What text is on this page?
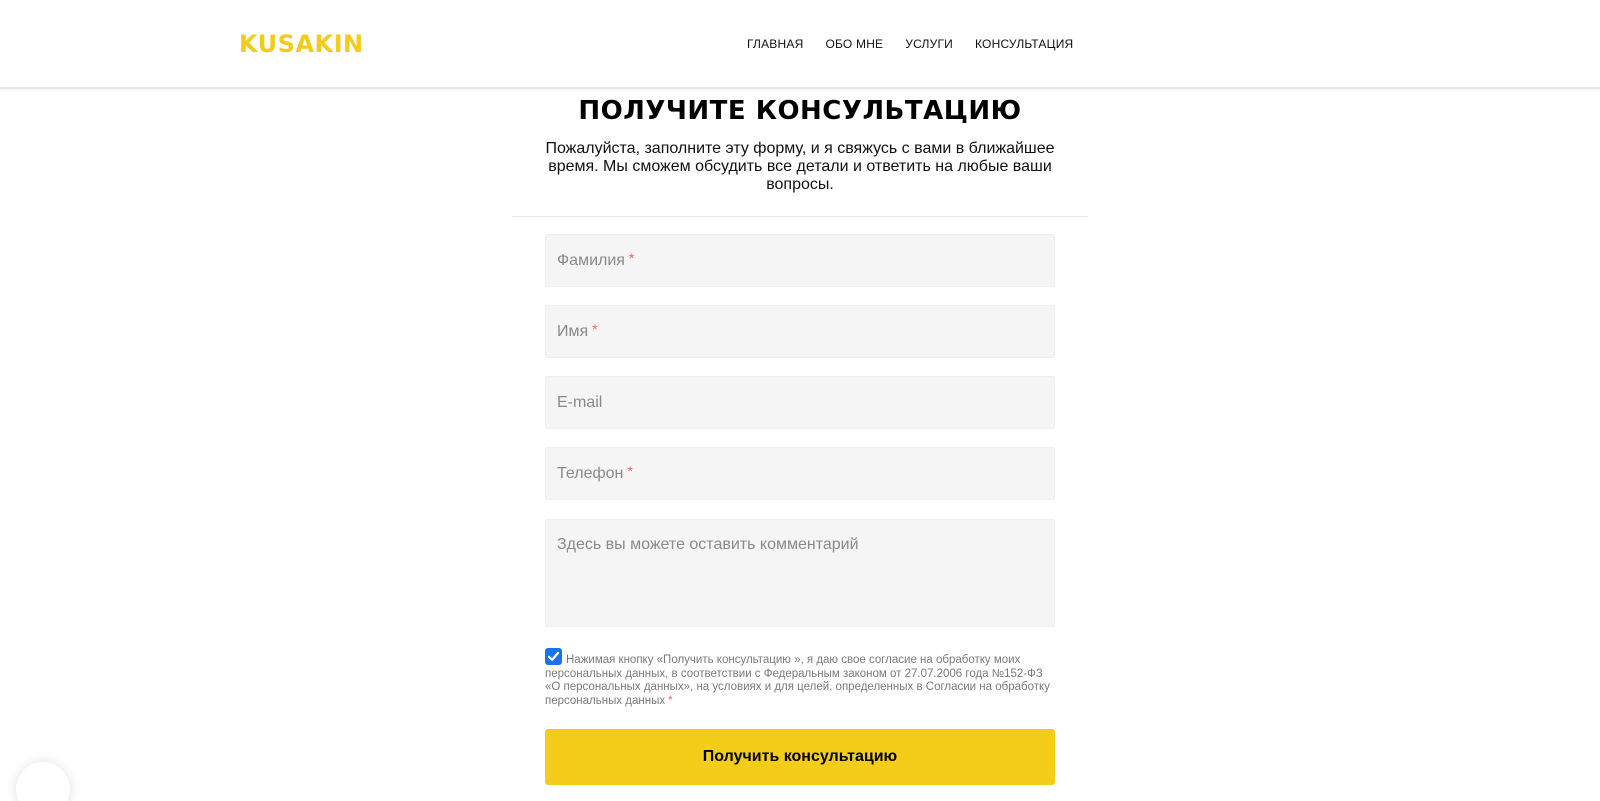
KUSAKIN	ГЛАВНАЯ ОБО МНЕ УСЛУГИ КОНСУЛЬТАЦИЯ
ПОЛУЧИТЕ КОНСУЛЬТАЦИЮ

Пожалуйста, заполните эту форму, и я свяжусь с вами в ближайшее время. Мы сможем обсудить все детали и ответить на любые ваши вопросы.

Фамилия *
Имя *
E-mail
Телефон *
Здесь вы можете оставить комментарий
Нажимая кнопку «Получить консультацию », я даю свое согласие на обработку моих персональных данных, в соответствии с Федеральным законом от 27.07.2006 года №152-ФЗ «О персональных данных», на условиях и для целей, определенных в Согласии на обработку персональных данных *
Получить консультацию
